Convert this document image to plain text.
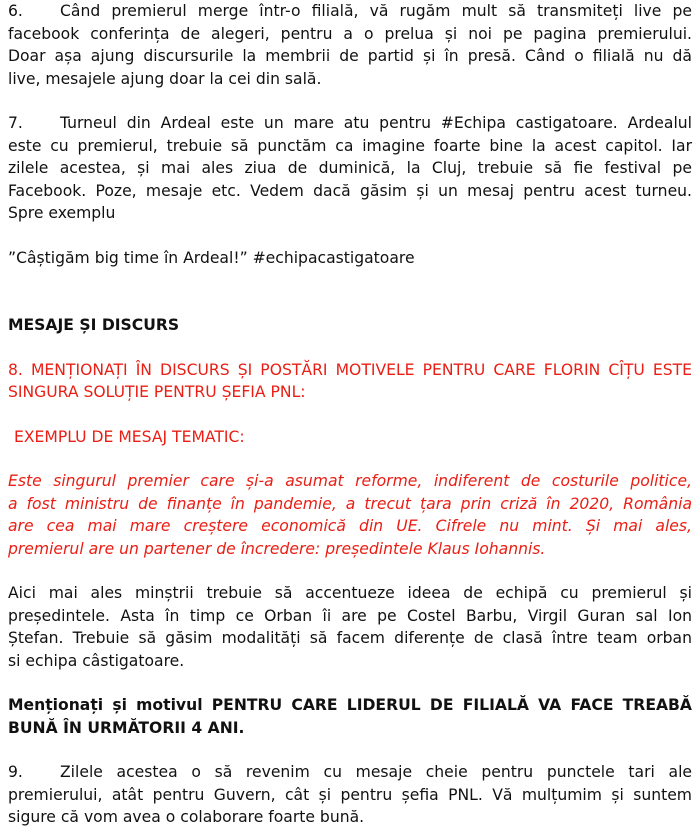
6. Când premierul merge într-o filială, vă rugăm mult să transmiteți live pe
facebook conferința de alegeri, pentru a o prelua și noi pe pagina premierului.
Doar așa ajung discursurile la membrii de partid și în presă. Când o filială nu dă
live, mesajele ajung doar la cei din sală.
7. Turneul din Ardeal este un mare atu pentru #Echipa castigatoare. Ardealul
este cu premierul, trebuie să punctăm ca imagine foarte bine la acest capitol. Iar
zilele acestea, și mai ales ziua de duminică, la Cluj, trebuie să fie festival pe
Facebook. Poze, mesaje etc. Vedem dacă găsim și un mesaj pentru acest turneu.
Spre exemplu
”Câștigăm big time în Ardeal!” #echipacastigatoare
MESAJE ȘI DISCURS
8. MENȚIONAȚI ÎN DISCURS ȘI POSTĂRI MOTIVELE PENTRU CARE FLORIN CÎȚU ESTE
SINGURA SOLUȚIE PENTRU ȘEFIA PNL:
EXEMPLU DE MESAJ TEMATIC:
Este singurul premier care și-a asumat reforme, indiferent de costurile politice,
a fost ministru de finanțe în pandemie, a trecut țara prin criză în 2020, România
are cea mai mare creștere economică din UE. Cifrele nu mint. Și mai ales,
premierul are un partener de încredere: președintele Klaus Iohannis.
Aici mai ales minștrii trebuie să accentueze ideea de echipă cu premierul și
președintele. Asta în timp ce Orban îi are pe Costel Barbu, Virgil Guran sal Ion
Ștefan. Trebuie să găsim modalități să facem diferențe de clasă între team orban
si echipa câstigatoare.
Menționați și motivul PENTRU CARE LIDERUL DE FILIALĂ VA FACE TREABĂ
BUNĂ ÎN URMĂTORII 4 ANI.
9. Zilele acestea o să revenim cu mesaje cheie pentru punctele tari ale
premierului, atât pentru Guvern, cât și pentru șefia PNL. Vă mulțumim și suntem
sigure că vom avea o colaborare foarte bună.
